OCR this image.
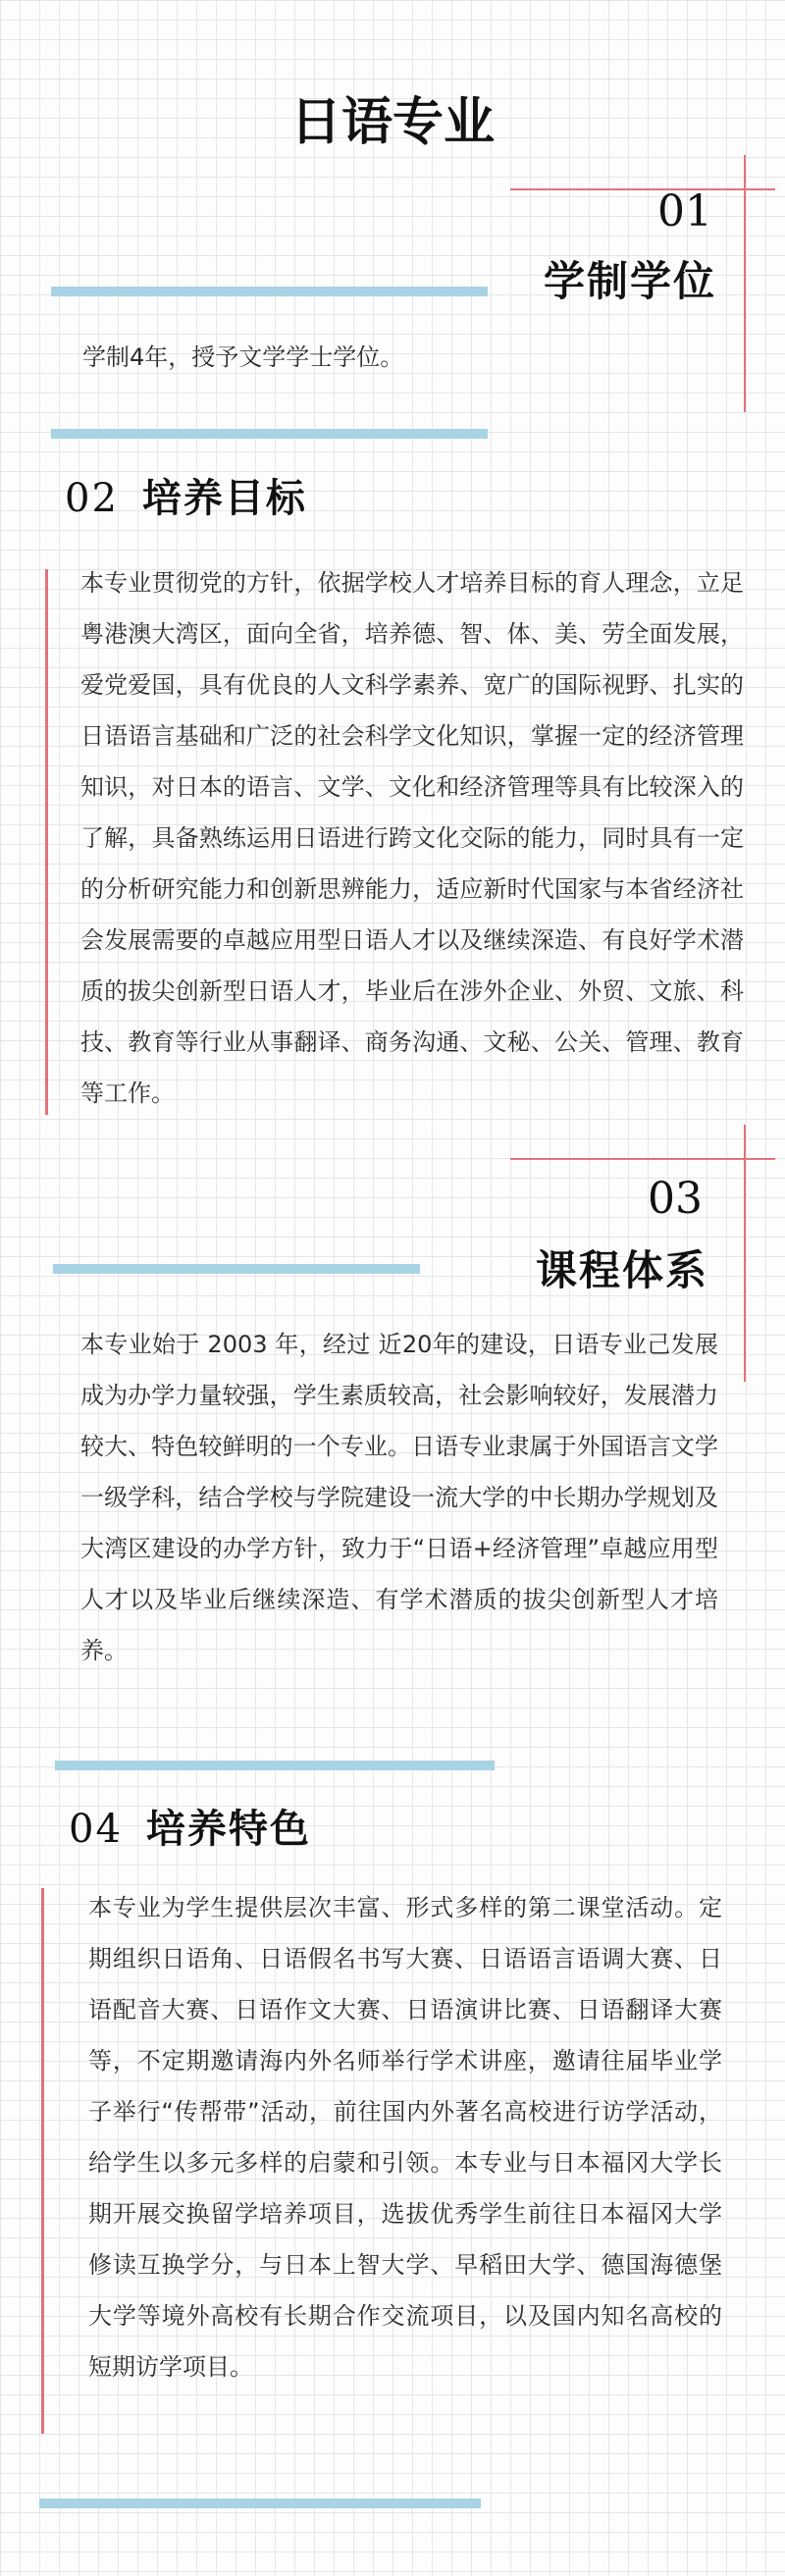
日语专业
01
学制学位
学制4年，授予文学学士学位。
02 培养目标
本专业贯彻党的方针，依据学校人才培养目标的育人理念，立足粤港澳大湾区，面向全省，培养德、智、体、美、劳全面发展，爱党爱国，具有优良的人文科学素养、宽广的国际视野、扎实的日语语言基础和广泛的社会科学文化知识，掌握一定的经济管理知识，对日本的语言、文学、文化和经济管理等具有比较深入的了解，具备熟练运用日语进行跨文化交际的能力，同时具有一定的分析研究能力和创新思辨能力，适应新时代国家与本省经济社会发展需要的卓越应用型日语人才以及继续深造、有良好学术潜质的拔尖创新型日语人才，毕业后在涉外企业、外贸、文旅、科技、教育等行业从事翻译、商务沟通、文秘、公关、管理、教育等工作。
03
课程体系
本专业始于 2003 年，经过 近20年的建设，日语专业己发展成为办学力量较强，学生素质较高，社会影响较好，发展潜力较大、特色较鲜明的一个专业。日语专业隶属于外国语言文学一级学科，结合学校与学院建设一流大学的中长期办学规划及大湾区建设的办学方针，致力于“日语+经济管理”卓越应用型人才以及毕业后继续深造、有学术潜质的拔尖创新型人才培养。
04 培养特色
本专业为学生提供层次丰富、形式多样的第二课堂活动。定期组织日语角、日语假名书写大赛、日语语言语调大赛、日语配音大赛、日语作文大赛、日语演讲比赛、日语翻译大赛等，不定期邀请海内外名师举行学术讲座，邀请往届毕业学子举行“传帮带”活动，前往国内外著名高校进行访学活动，给学生以多元多样的启蒙和引领。本专业与日本福冈大学长期开展交换留学培养项目，选拔优秀学生前往日本福冈大学修读互换学分，与日本上智大学、早稻田大学、德国海德堡大学等境外高校有长期合作交流项目，以及国内知名高校的短期访学项目。
